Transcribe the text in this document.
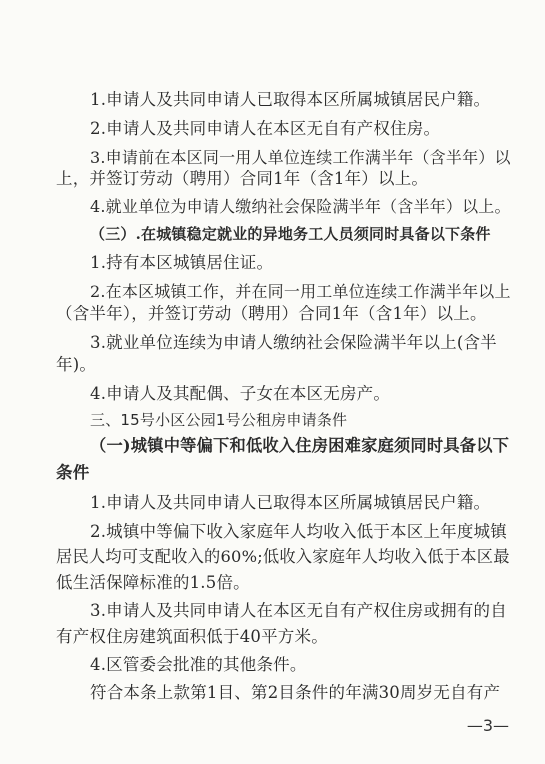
1.申请人及共同申请人已取得本区所属城镇居民户籍。
2.申请人及共同申请人在本区无自有产权住房。
3.申请前在本区同一用人单位连续工作满半年（含半年）以
上，并签订劳动（聘用）合同1年（含1年）以上。
4.就业单位为申请人缴纳社会保险满半年（含半年）以上。
（三）.在城镇稳定就业的异地务工人员须同时具备以下条件
1.持有本区城镇居住证。
2.在本区城镇工作，并在同一用工单位连续工作满半年以上
（含半年），并签订劳动（聘用）合同1年（含1年）以上。
3.就业单位连续为申请人缴纳社会保险满半年以上(含半
年)。
4.申请人及其配偶、子女在本区无房产。
三、15号小区公园1号公租房申请条件
（一)城镇中等偏下和低收入住房困难家庭须同时具备以下
条件
1.申请人及共同申请人已取得本区所属城镇居民户籍。
2.城镇中等偏下收入家庭年人均收入低于本区上年度城镇
居民人均可支配收入的60%;低收入家庭年人均收入低于本区最
低生活保障标准的1.5倍。
3.申请人及共同申请人在本区无自有产权住房或拥有的自
有产权住房建筑面积低于40平方米。
4.区管委会批准的其他条件。
符合本条上款第1目、第2目条件的年满30周岁无自有产
—3—
